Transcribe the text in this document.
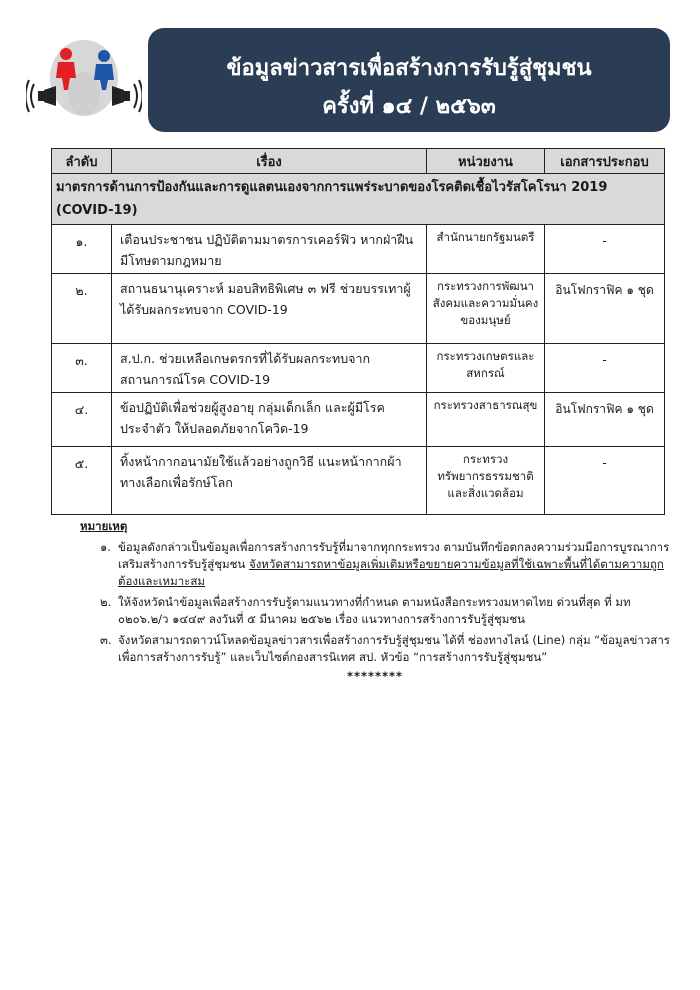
ข้อมูลข่าวสารเพื่อสร้างการรับรู้สู่ชุมชน
ครั้งที่ ๑๔ / ๒๕๖๓
ลำดับ	เรื่อง	หน่วยงาน	เอกสารประกอบ
มาตรการด้านการป้องกันและการดูแลตนเองจากการแพร่ระบาดของโรคติดเชื้อไวรัสโคโรนา 2019 (COVID-19)			
๑.	เตือนประชาชน ปฏิบัติตามมาตรการเคอร์ฟิว หากฝ่าฝืนมีโทษตามกฎหมาย	สำนักนายกรัฐมนตรี	-
๒.	สถานธนานุเคราะห์ มอบสิทธิพิเศษ ๓ ฟรี ช่วยบรรเทาผู้ได้รับผลกระทบจาก COVID-19	กระทรวงการพัฒนาสังคมและความมั่นคงของมนุษย์	อินโฟกราฟิค ๑ ชุด
๓.	ส.ป.ก. ช่วยเหลือเกษตรกรที่ได้รับผลกระทบจากสถานการณ์โรค COVID-19	กระทรวงเกษตรและสหกรณ์	-
๔.	ข้อปฏิบัติเพื่อช่วยผู้สูงอายุ กลุ่มเด็กเล็ก และผู้มีโรคประจำตัว ให้ปลอดภัยจากโควิด-19	กระทรวงสาธารณสุข	อินโฟกราฟิค ๑ ชุด
๕.	ทิ้งหน้ากากอนามัยใช้แล้วอย่างถูกวิธี แนะหน้ากากผ้าทางเลือกเพื่อรักษ์โลก	กระทรวงทรัพยากรธรรมชาติและสิ่งแวดล้อม	-
หมายเหตุ
๑. ข้อมูลดังกล่าวเป็นข้อมูลเพื่อการสร้างการรับรู้ที่มาจากทุกกระทรวง ตามบันทึกข้อตกลงความร่วมมือการบูรณาการเสริมสร้างการรับรู้สู่ชุมชน จังหวัดสามารถหาข้อมูลเพิ่มเติมหรือขยายความข้อมูลที่ใช้เฉพาะพื้นที่ได้ตามความถูกต้องและเหมาะสม
๒. ให้จังหวัดนำข้อมูลเพื่อสร้างการรับรู้ตามแนวทางที่กำหนด ตามหนังสือกระทรวงมหาดไทย ด่วนที่สุด ที่ มท ๐๒๐๖.๒/ว ๑๔๔๙ ลงวันที่ ๕ มีนาคม ๒๕๖๒ เรื่อง แนวทางการสร้างการรับรู้สู่ชุมชน
๓. จังหวัดสามารถดาวน์โหลดข้อมูลข่าวสารเพื่อสร้างการรับรู้สู่ชุมชน ได้ที่ ช่องทางไลน์ (Line) กลุ่ม “ข้อมูลข่าวสารเพื่อการสร้างการรับรู้” และเว็บไซต์กองสารนิเทศ สป. หัวข้อ “การสร้างการรับรู้สู่ชุมชน”
********
